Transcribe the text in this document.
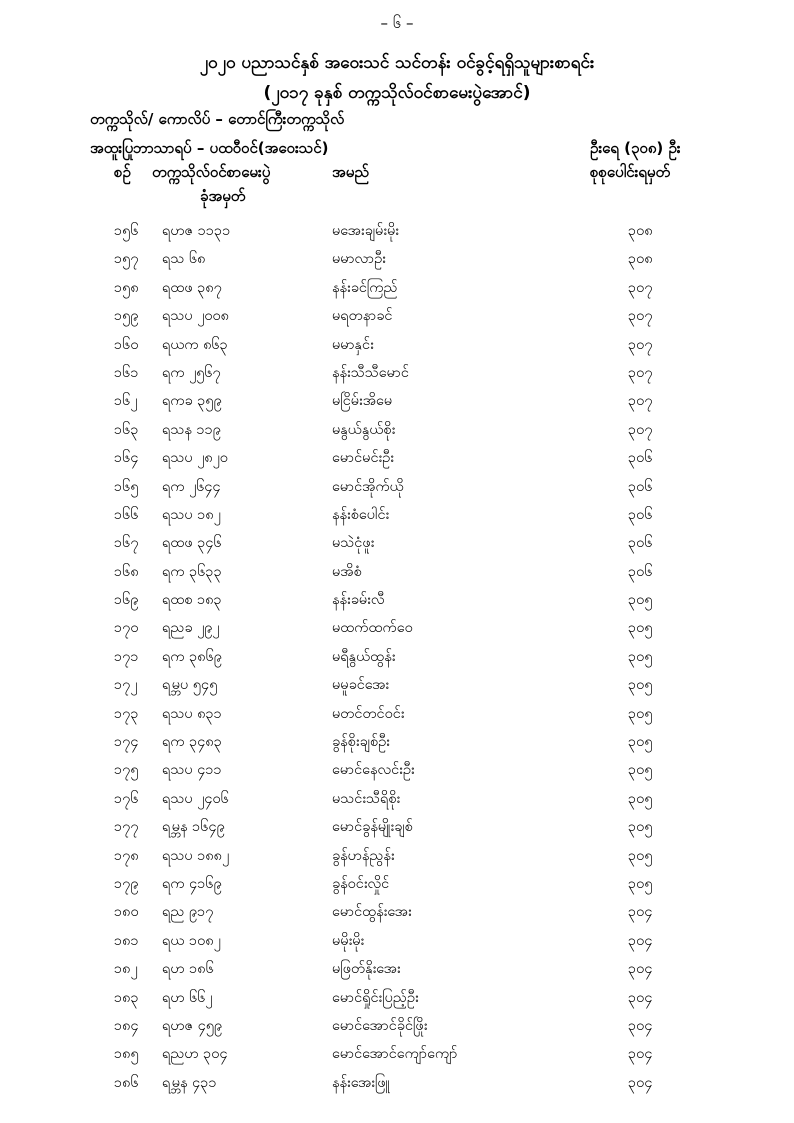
– ၆ –
၂၀၂၀ ပညာသင်နှစ် အဝေးသင် သင်တန်း ဝင်ခွင့်ရရှိသူများစာရင်း
(၂၀၁၇ ခုနှစ် တက္ကသိုလ်ဝင်စာမေးပွဲအောင်)
တက္ကသိုလ်/ ကောလိပ် – တောင်ကြီးတက္ကသိုလ်
အထူးပြုဘာသာရပ် – ပထဝီဝင်(အဝေးသင်)	ဦးရေ (၃၀၈) ဦး
စဉ် တက္ကသိုလ်ဝင်စာမေးပွဲ
ခုံအမှတ်
အမည်	စုစုပေါင်းရမှတ်
၁၅၆ ရဟဇ ၁၁၃၁	မအေးချမ်းမိုး	၃၀၈
၁၅၇ ရသ ၆၈	မမာလာဦး	၃၀၈
၁၅၈ ရထဖ ၃၈၇	နန်းခင်ကြည်	၃၀၇
၁၅၉ ရသပ ၂၀၀၈	မရတနာခင်	၃၀၇
၁၆၀ ရယက ၈၆၃	မမာနှင်း	၃၀၇
၁၆၁ ရက ၂၅၆၇	နန်းသီသီမောင်	၃၀၇
၁၆၂ ရကခ ၃၅၉	မငြိမ်းအိမေ	၃၀၇
၁၆၃ ရသန ၁၁၉	မနွယ်နွယ်စိုး	၃၀၇
၁၆၄ ရသပ ၂၈၂၀	မောင်မင်းဦး	၃၀၆
၁၆၅ ရက ၂၆၄၄	မောင်အိုက်ယို	၃၀၆
၁၆၆ ရသပ ၁၈၂	နန်းစံပေါင်း	၃၀၆
၁၆၇ ရထဖ ၃၄၆	မသဲငုံဖူး	၃၀၆
၁၆၈ ရက ၃၆၃၃	မအိစံ	၃၀၆
၁၆၉ ရထစ ၁၈၃	နန်းခမ်းလီ	၃၀၅
၁၇၀ ရညခ ၂၉၂	မထက်ထက်ဝေ	၃၀၅
၁၇၁ ရက ၃၈၆၉	မရီနွယ်ထွန်း	၃၀၅
၁၇၂ ရမ္ဘပ ၅၄၅	မမူခင်အေး	၃၀၅
၁၇၃ ရသပ ၈၃၁	မတင်တင်ဝင်း	၃၀၅
၁၇၄ ရက ၃၄၈၃	ခွန်စိုးချစ်ဦး	၃၀၅
၁၇၅ ရသပ ၄၁၁	မောင်နေလင်းဦး	၃၀၅
၁၇၆ ရသပ ၂၄၀၆	မသင်းသီရိစိုး	၃၀၅
၁၇၇ ရမ္ဘန ၁၆၄၉	မောင်ခွန်မျိုးချစ်	၃၀၅
၁၇၈ ရသပ ၁၈၈၂	ခွန်ဟန်ညွန်း	၃၀၅
၁၇၉ ရက ၄၁၆၉	ခွန်ဝင်းလှိုင်	၃၀၅
၁၈၀ ရည ၉၁၇	မောင်ထွန်းအေး	၃၀၄
၁၈၁ ရယ ၁၀၈၂	မမိုးမိုး	၃၀၄
၁၈၂ ရဟ ၁၈၆	မဖြတ်နိုးအေး	၃၀၄
၁၈၃ ရဟ ၆၆၂	မောင်ရှိုင်းပြည့်ဦး	၃၀၄
၁၈၄ ရဟဇ ၄၅၉	မောင်အောင်ခိုင်ဖြိုး	၃၀၄
၁၈၅ ရညဟ ၃၀၄	မောင်အောင်ကျော်ကျော်	၃၀၄
၁၈၆ ရမ္ဘန ၄၃၁	နန်းအေးဖြူ	၃၀၄
